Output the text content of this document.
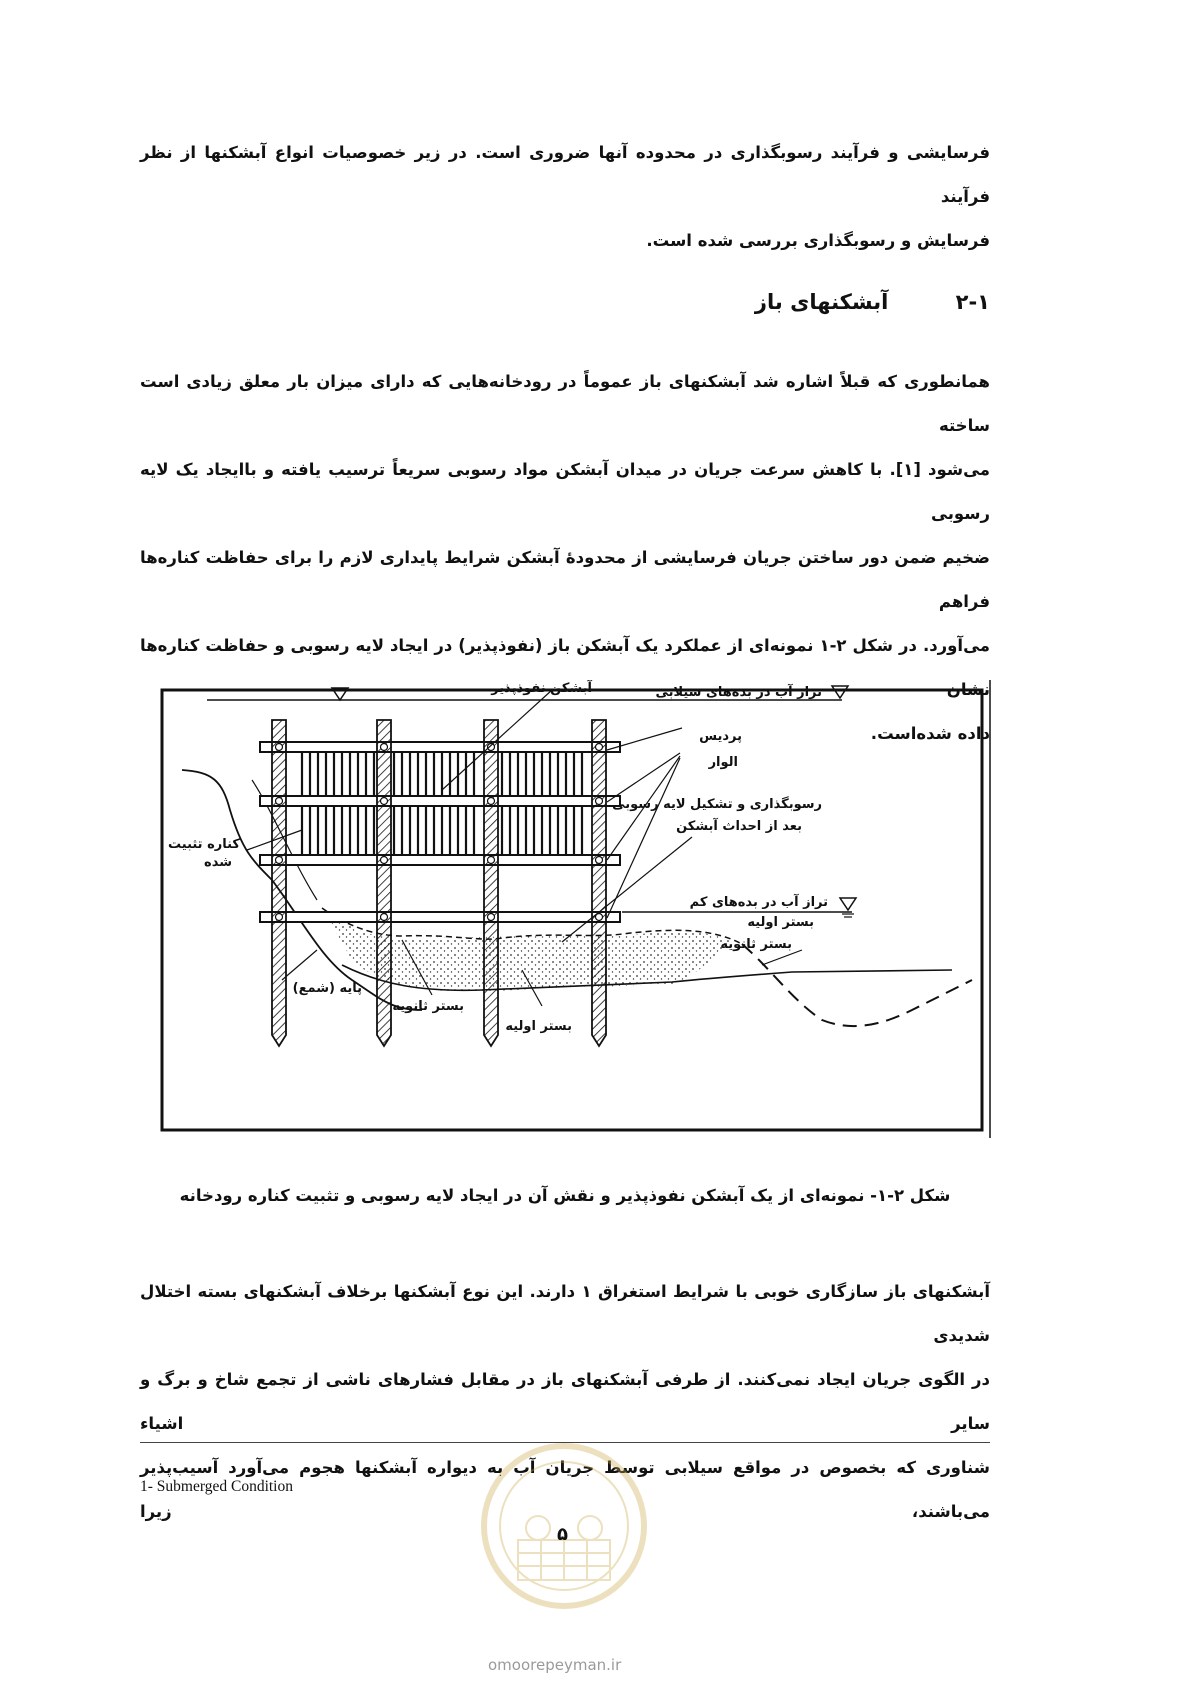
فرسایشی و فرآیند رسوبگذاری در محدوده آنها ضروری است. در زیر خصوصیات انواع آبشکنها از نظر فرآیند

فرسایش و رسوبگذاری بررسی شده است.

۲-۱ آبشکنهای باز

همانطوری که قبلاً اشاره شد آبشکنهای باز عموماً در رودخانه‌هایی که دارای میزان بار معلق زیادی است ساخته

می‌شود [۱]. با کاهش سرعت جریان در میدان آبشکن مواد رسوبی سریعاً ترسیب یافته و باایجاد یک لایه رسوبی

ضخیم ضمن دور ساختن جریان فرسایشی از محدودهٔ آبشکن شرایط پایداری لازم را برای حفاظت کناره‌ها فراهم

می‌آورد. در شکل ۲-۱ نمونه‌ای از عملکرد یک آبشکن باز (نفوذپذیر) در ایجاد لایه رسوبی و حفاظت کناره‌ها نشان

داده شده‌است.

آبشکن نفوذپذیر	تراز آب در بده‌های سیلابی
پردیس
الوار
رسوبگذاری و تشکیل لایه رسوبی
بعد از احداث آبشکن
کناره تثبیت
شده
تراز آب در بده‌های کم
بستر اولیه
بستر ثانویه
پایه (شمع)
بستر ثانویه
بستر اولیه
شکل ۲-۱- نمونه‌ای از یک آبشکن نفوذپذیر و نقش آن در ایجاد لایه رسوبی و تثبیت کناره رودخانه

آبشکنهای باز سازگاری خوبی با شرایط استغراق ۱ دارند. این نوع آبشکنها برخلاف آبشکنهای بسته اختلال شدیدی

در الگوی جریان ایجاد نمی‌کنند. از طرفی آبشکنهای باز در مقابل فشارهای ناشی از تجمع شاخ و برگ و سایر اشیاء

شناوری که بخصوص در مواقع سیلابی توسط جریان آب به دیواره آبشکنها هجوم می‌آورد آسیب‌پذیر می‌باشند، زیرا

1- Submerged Condition
۵
omoorepeyman.ir
